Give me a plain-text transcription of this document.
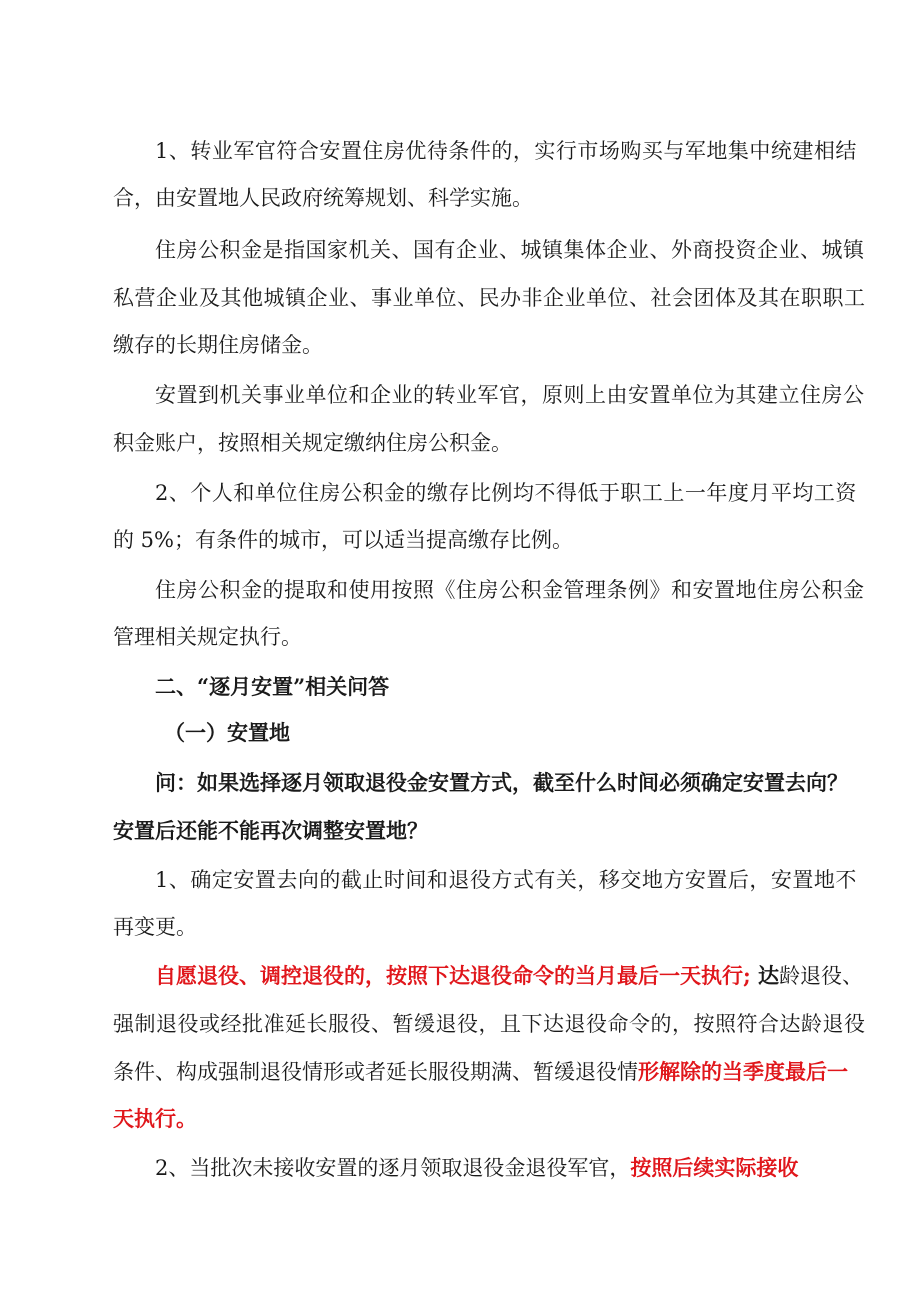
1、转业军官符合安置住房优待条件的，实行市场购买与军地集中统建相结
合，由安置地人民政府统筹规划、科学实施。
住房公积金是指国家机关、国有企业、城镇集体企业、外商投资企业、城镇
私营企业及其他城镇企业、事业单位、民办非企业单位、社会团体及其在职职工
缴存的长期住房储金。
安置到机关事业单位和企业的转业军官，原则上由安置单位为其建立住房公
积金账户，按照相关规定缴纳住房公积金。
2、个人和单位住房公积金的缴存比例均不得低于职工上一年度月平均工资
的 5%；有条件的城市，可以适当提高缴存比例。
住房公积金的提取和使用按照《住房公积金管理条例》和安置地住房公积金
管理相关规定执行。
二、“逐月安置”相关问答
（一）安置地
问：如果选择逐月领取退役金安置方式，截至什么时间必须确定安置去向？
安置后还能不能再次调整安置地？
1、确定安置去向的截止时间和退役方式有关，移交地方安置后，安置地不
再变更。
自愿退役、调控退役的，按照下达退役命令的当月最后一天执行; 达龄退役、
强制退役或经批准延长服役、暂缓退役，且下达退役命令的，按照符合达龄退役
条件、构成强制退役情形或者延长服役期满、暂缓退役情形解除的当季度最后一
天执行。
2、当批次未接收安置的逐月领取退役金退役军官，按照后续实际接收
